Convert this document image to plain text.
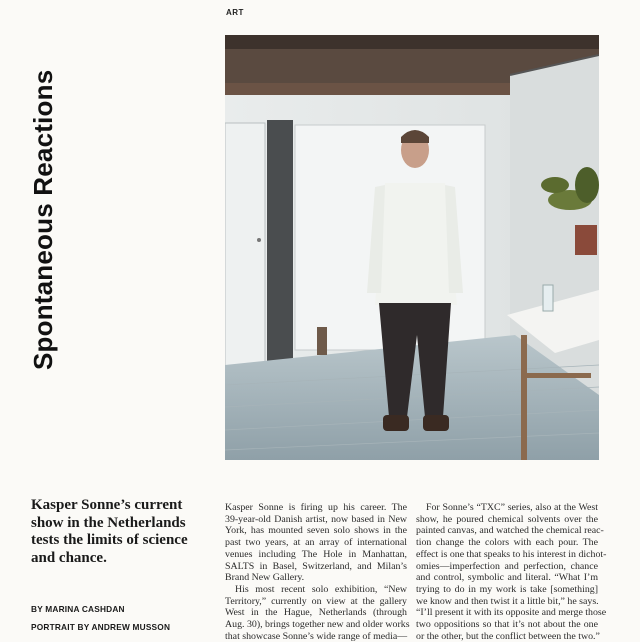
ART
Spontaneous Reactions
Kasper Sonne’s current show in the Netherlands tests the limits of science and chance.
BY MARINA CASHDAN
PORTRAIT BY ANDREW MUSSON
Kasper Sonne is firing up his career. The
39-year-old Danish artist, now based in New
York, has mounted seven solo shows in the
past two years, at an array of international
venues including The Hole in Manhattan,
SALTS in Basel, Switzerland, and Milan’s
Brand New Gallery.
His most recent solo exhibition, “New
Territory,” currently on view at the gallery
West in the Hague, Netherlands (through
Aug. 30), brings together new and older works
that showcase Sonne’s wide range of media—
For Sonne’s “TXC” series, also at the West
show, he poured chemical solvents over the
painted canvas, and watched the chemical reac-
tion change the colors with each pour. The
effect is one that speaks to his interest in dichot-
omies—imperfection and perfection, chance
and control, symbolic and literal. “What I’m
trying to do in my work is take [something]
we know and then twist it a little bit,” he says.
“I’ll present it with its opposite and merge those
two oppositions so that it’s not about the one
or the other, but the conflict between the two.”
